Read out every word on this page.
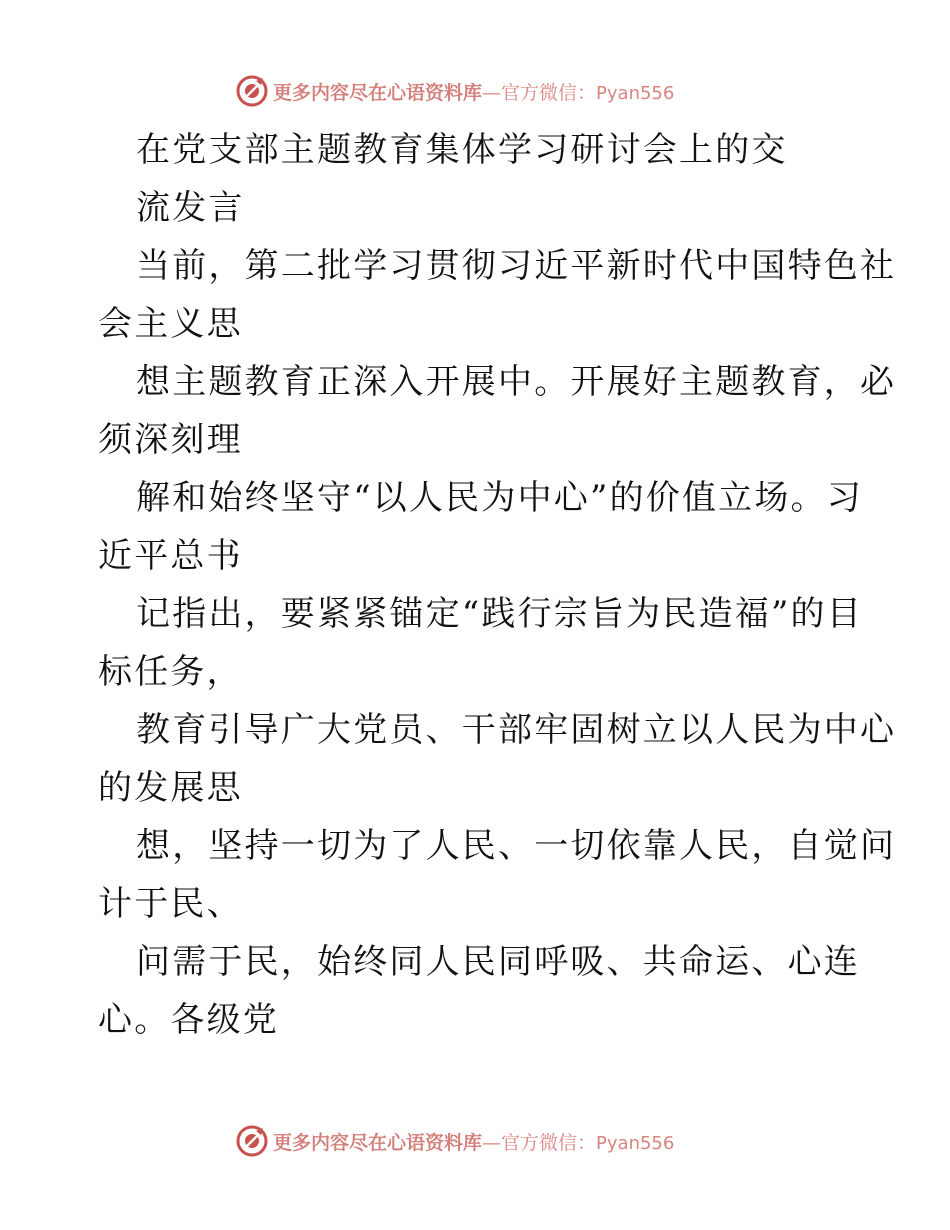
更多内容尽在心语资料库—官方微信：Pyan556
在党支部主题教育集体学习研讨会上的交
流发言
当前，第二批学习贯彻习近平新时代中国特色社
会主义思
想主题教育正深入开展中。开展好主题教育，必
须深刻理
解和始终坚守“以人民为中心”的价值立场。习
近平总书
记指出，要紧紧锚定“践行宗旨为民造福”的目
标任务，
教育引导广大党员、干部牢固树立以人民为中心
的发展思
想，坚持一切为了人民、一切依靠人民，自觉问
计于民、
问需于民，始终同人民同呼吸、共命运、心连
心。各级党
更多内容尽在心语资料库—官方微信：Pyan556
